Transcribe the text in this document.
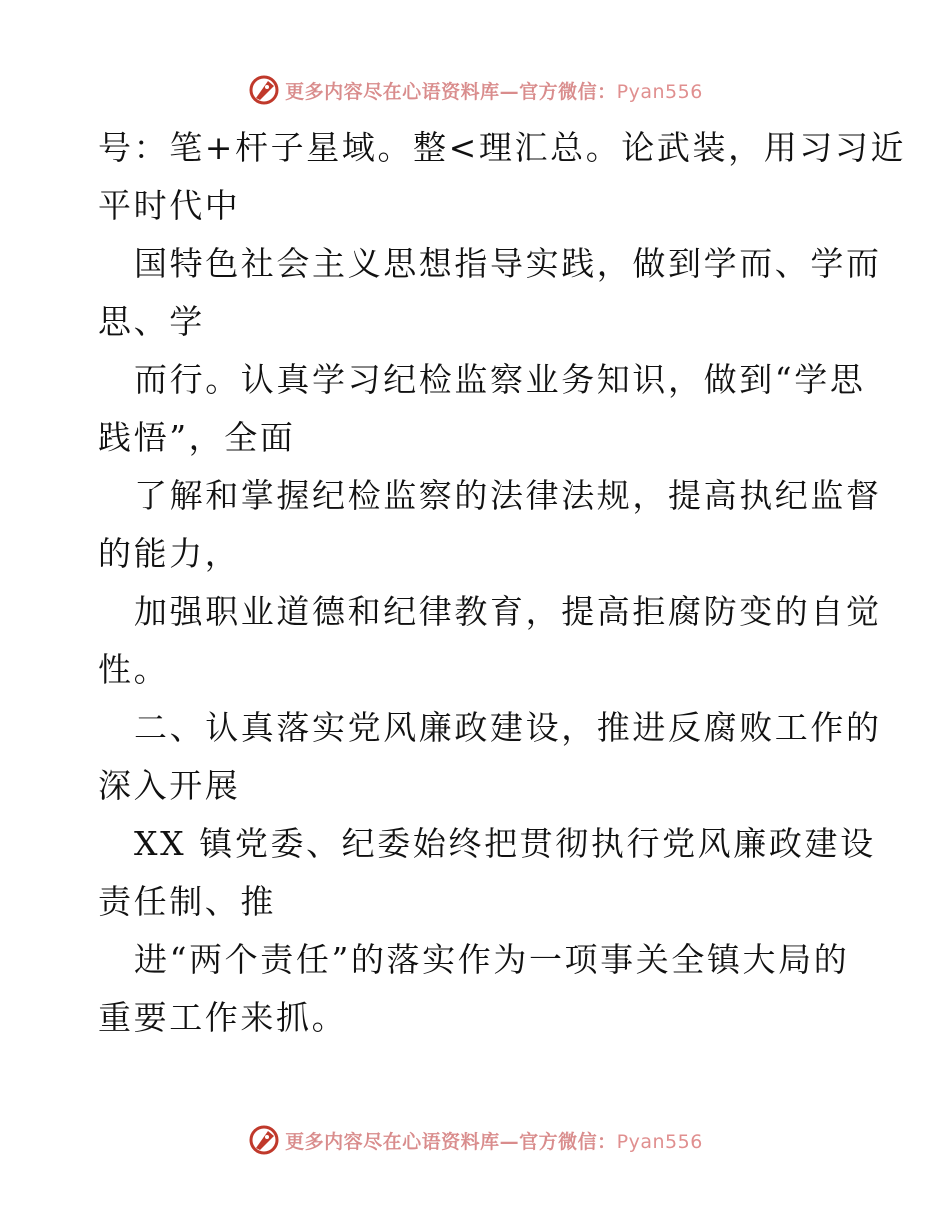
更多内容尽在心语资料库—官方微信：Pyan556
号：笔+杆子星域。整<理汇总。论武装，用习习近
平时代中
国特色社会主义思想指导实践，做到学而、学而
思、学
而行。认真学习纪检监察业务知识，做到“学思
践悟”，全面
了解和掌握纪检监察的法律法规，提高执纪监督
的能力，
加强职业道德和纪律教育，提高拒腐防变的自觉
性。
二、认真落实党风廉政建设，推进反腐败工作的
深入开展
XX 镇党委、纪委始终把贯彻执行党风廉政建设
责任制、推
进“两个责任”的落实作为一项事关全镇大局的
重要工作来抓。
更多内容尽在心语资料库—官方微信：Pyan556
